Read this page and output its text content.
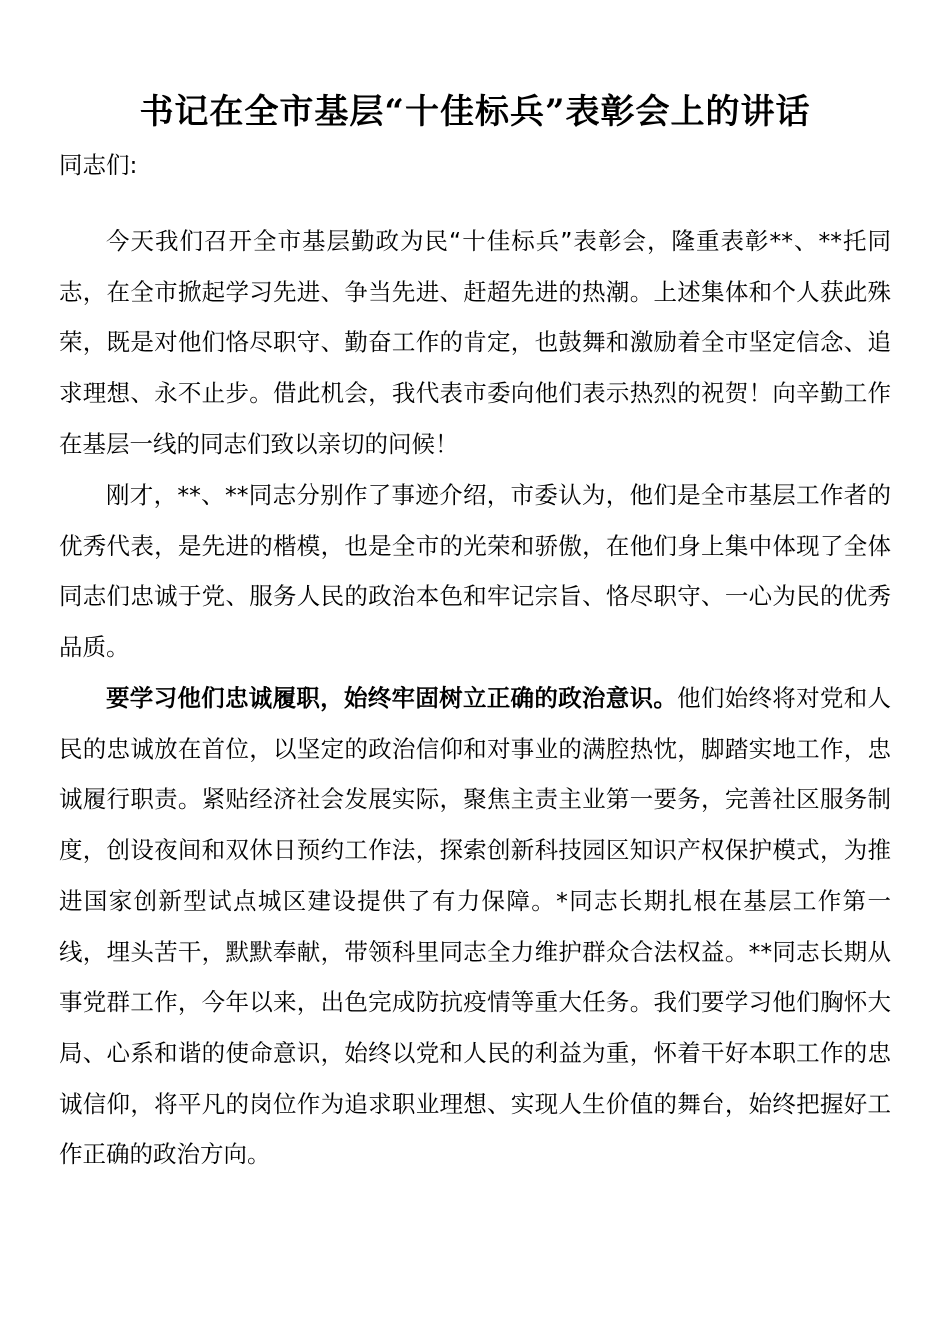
书记在全市基层“十佳标兵”表彰会上的讲话

同志们:

今天我们召开全市基层勤政为民“十佳标兵”表彰会，隆重表彰**、**托同志，在全市掀起学习先进、争当先进、赶超先进的热潮。上述集体和个人获此殊荣，既是对他们恪尽职守、勤奋工作的肯定，也鼓舞和激励着全市坚定信念、追求理想、永不止步。借此机会，我代表市委向他们表示热烈的祝贺！向辛勤工作在基层一线的同志们致以亲切的问候！

刚才，**、**同志分别作了事迹介绍，市委认为，他们是全市基层工作者的优秀代表，是先进的楷模，也是全市的光荣和骄傲，在他们身上集中体现了全体同志们忠诚于党、服务人民的政治本色和牢记宗旨、恪尽职守、一心为民的优秀品质。

要学习他们忠诚履职，始终牢固树立正确的政治意识。他们始终将对党和人民的忠诚放在首位，以坚定的政治信仰和对事业的满腔热忱，脚踏实地工作，忠诚履行职责。紧贴经济社会发展实际，聚焦主责主业第一要务，完善社区服务制度，创设夜间和双休日预约工作法，探索创新科技园区知识产权保护模式，为推进国家创新型试点城区建设提供了有力保障。*同志长期扎根在基层工作第一线，埋头苦干，默默奉献，带领科里同志全力维护群众合法权益。**同志长期从事党群工作，今年以来，出色完成防抗疫情等重大任务。我们要学习他们胸怀大局、心系和谐的使命意识，始终以党和人民的利益为重，怀着干好本职工作的忠诚信仰，将平凡的岗位作为追求职业理想、实现人生价值的舞台，始终把握好工作正确的政治方向。
